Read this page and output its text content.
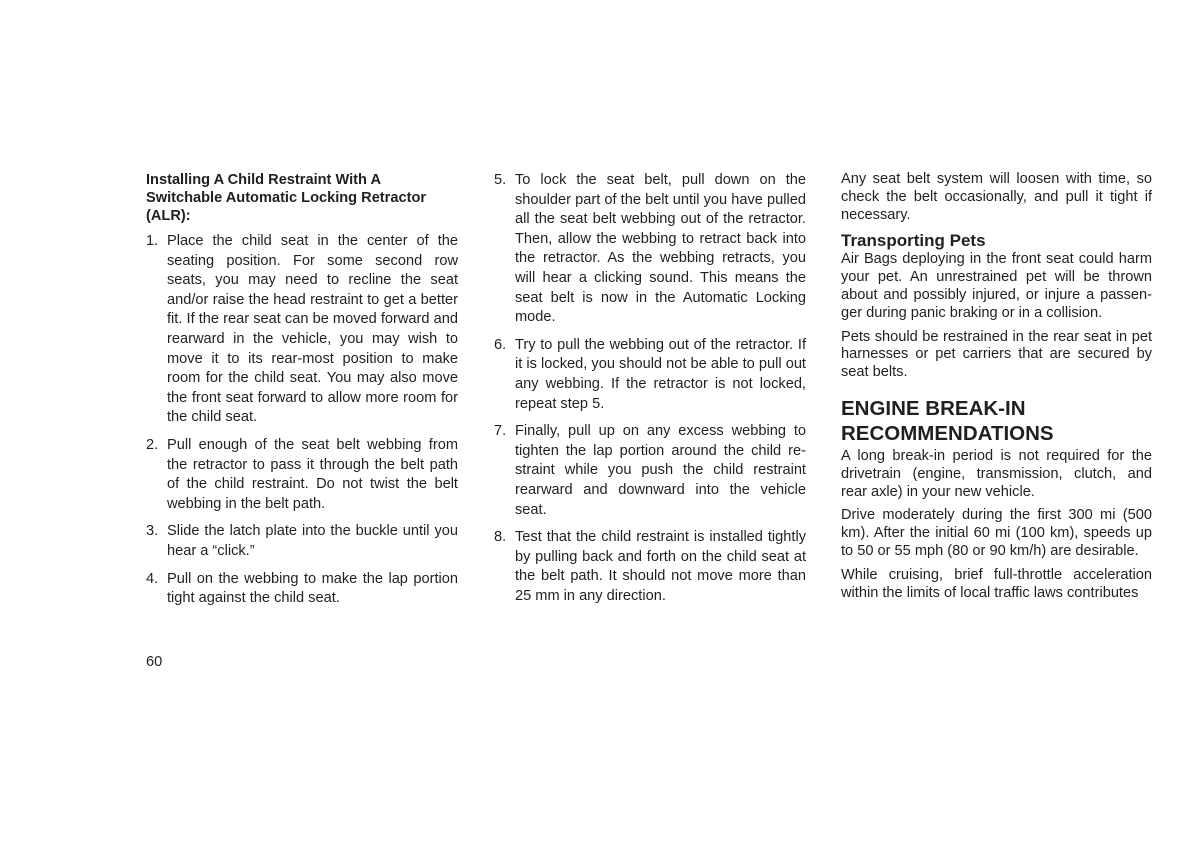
Installing A Child Restraint With A Switchable Automatic Locking Retractor (ALR):
1. Place the child seat in the center of the seating position. For some second row seats, you may need to recline the seat and/or raise the head restraint to get a better fit. If the rear seat can be moved forward and rearward in the vehicle, you may wish to move it to its rear-most position to make room for the child seat. You may also move the front seat forward to allow more room for the child seat.
2. Pull enough of the seat belt webbing from the retractor to pass it through the belt path of the child restraint. Do not twist the belt webbing in the belt path.
3. Slide the latch plate into the buckle until you hear a “click.”
4. Pull on the webbing to make the lap portion tight against the child seat.
5. To lock the seat belt, pull down on the shoulder part of the belt until you have pulled all the seat belt webbing out of the retractor. Then, allow the webbing to retract back into the retractor. As the webbing retracts, you will hear a clicking sound. This means the seat belt is now in the Automatic Locking mode.
6. Try to pull the webbing out of the retractor. If it is locked, you should not be able to pull out any webbing. If the retractor is not locked, repeat step 5.
7. Finally, pull up on any excess webbing to tighten the lap portion around the child re-straint while you push the child restraint rearward and downward into the vehicle seat.
8. Test that the child restraint is installed tightly by pulling back and forth on the child seat at the belt path. It should not move more than 25 mm in any direction.

Any seat belt system will loosen with time, so check the belt occasionally, and pull it tight if necessary.

Transporting Pets

Air Bags deploying in the front seat could harm your pet. An unrestrained pet will be thrown about and possibly injured, or injure a passen-ger during panic braking or in a collision.

Pets should be restrained in the rear seat in pet harnesses or pet carriers that are secured by seat belts.

ENGINE BREAK-IN RECOMMENDATIONS

A long break-in period is not required for the drivetrain (engine, transmission, clutch, and rear axle) in your new vehicle.

Drive moderately during the first 300 mi (500 km). After the initial 60 mi (100 km), speeds up to 50 or 55 mph (80 or 90 km/h) are desirable.

While cruising, brief full-throttle acceleration within the limits of local traffic laws contributes

60
